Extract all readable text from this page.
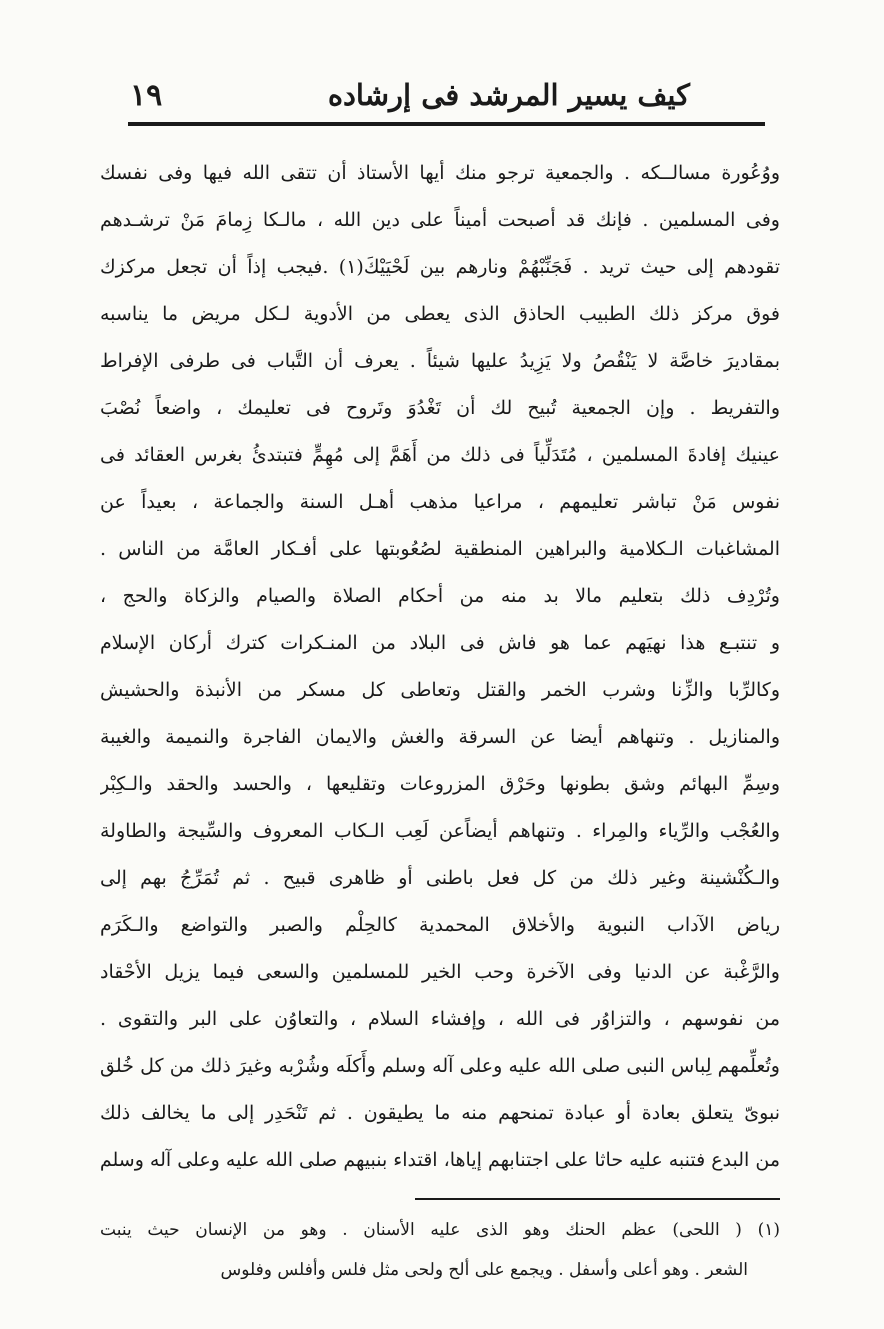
١٩	كيف يسير المرشد فى إرشاده
ووُعُورة مسالــكه . والجمعية ترجو منك أيها الأستاذ أن تتقى الله فيها وفى نفسك
وفى المسلمين . فإنك قد أصبحت أميناً على دين الله ، مالـكا زِمامَ مَنْ ترشـدهم
تقودهم إلى حيث تريد . فَجَنِّبْهُمْ ونارهم بين لَحْيَيْكَ(١) .فيجب إذاً أن تجعل مركزك
فوق مركز ذلك الطبيب الحاذق الذى يعطى من الأدوية لـكل مريض ما يناسبه
بمقاديرَ خاصَّة لا يَنْقُصُ ولا يَزِيدُ عليها شيئاً . يعرف أن التَّباب فى طرفى الإفراط
والتفريط . وإن الجمعية تُبيح لك أن تَغْدُوَ وتَروح فى تعليمك ، واضعاً نُصْبَ
عينيك إفادةَ المسلمين ، مُتَدَلِّياً فى ذلك من أَهَمَّ إلى مُهِمٍّ فتبتدئُ بغرس العقائد فى
نفوس مَنْ تباشر تعليمهم ، مراعيا مذهب أهـل السنة والجماعة ، بعيداً عن
المشاغبات الـكلامية والبراهين المنطقية لصُعُوبتها على أفـكار العامَّة من الناس .
وتُرْدِف ذلك بتعليم مالا بد منه من أحكام الصلاة والصيام والزكاة والحج ،
و تنتبـع هذا نهيَهم عما هو فاش فى البلاد من المنـكرات كترك أركان الإسلام
وكالرِّبا والزِّنا وشرب الخمر والقتل وتعاطى كل مسكر من الأنبذة والحشيش
والمنازيل . وتنهاهم أيضا عن السرقة والغش والايمان الفاجرة والنميمة والغيبة
وسِمِّ البهائم وشق بطونها وحَرْق المزروعات وتقليعها ، والحسد والحقد والـكِبْر
والعُجْب والرِّياء والمِراء . وتنهاهم أيضاًعن لَعِب الـكاب المعروف والسِّيجة والطاولة
والـكُنْشينة وغير ذلك من كل فعل باطنى أو ظاهرى قبيح . ثم تُمَرِّجُ بهم إلى
رياض الآداب النبوية والأخلاق المحمدية كالحِلْم والصبر والتواضع والـكَرَم
والرَّغْبة عن الدنيا وفى الآخرة وحب الخير للمسلمين والسعى فيما يزيل الأحْقاد
من نفوسهم ، والتزاوُر فى الله ، وإفشاء السلام ، والتعاوُن على البر والتقوى .
وتُعلِّمهم لِباس النبى صلى الله عليه وعلى آله وسلم وأَكلَه وشُرْبه وغيرَ ذلك من كل خُلق
نبوىّ يتعلق بعادة أو عبادة تمنحهم منه ما يطيقون . ثم تَنْحَدِر إلى ما يخالف ذلك
من البدع فتنبه عليه حاثا على اجتنابهم إياها، اقتداء بنبيهم صلى الله عليه وعلى آله وسلم
(١) ( اللحى) عظم الحنك وهو الذى عليه الأسنان . وهو من الإنسان حيث ينبت
الشعر . وهو أعلى وأسفل . ويجمع على ألح ولحى مثل فلس وأفلس وفلوس
